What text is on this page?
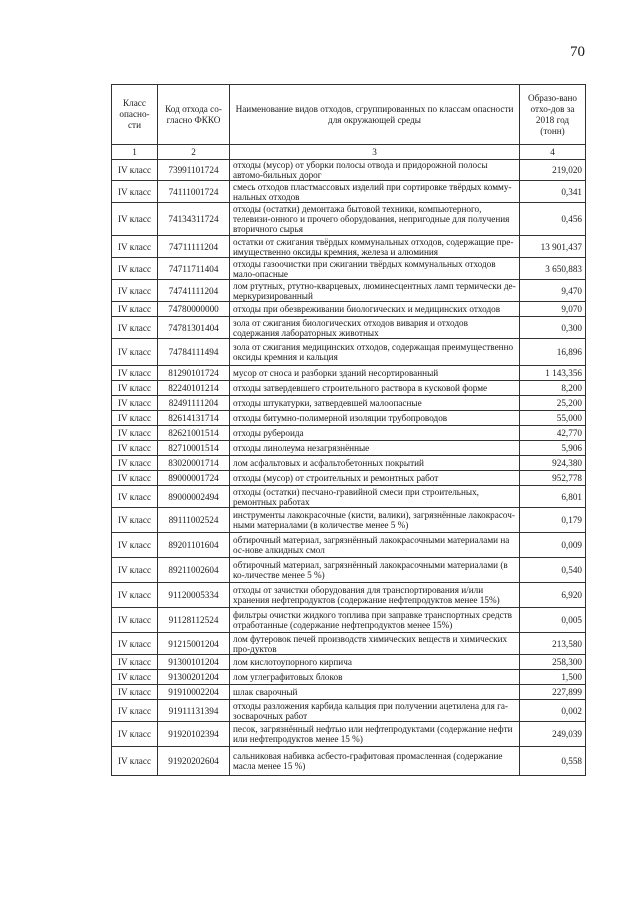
70
Класс опасно-сти	Код отхода со-гласно ФККО	Наименование видов отходов, сгруппированных по классам опасности для окружающей среды	Образо-вано отхо-дов за 2018 год (тонн)
1	2	3	4
IV класс	73991101724	отходы (мусор) от уборки полосы отвода и придорожной полосы автомо-бильных дорог	219,020
IV класс	74111001724	смесь отходов пластмассовых изделий при сортировке твёрдых комму-нальных отходов	0,341
IV класс	74134311724	отходы (остатки) демонтажа бытовой техники, компьютерного, телевизи-онного и прочего оборудования, непригодные для получения вторичного сырья	0,456
IV класс	74711111204	остатки от сжигания твёрдых коммунальных отходов, содержащие пре-имущественно оксиды кремния, железа и алюминия	13 901,437
IV класс	74711711404	отходы газоочистки при сжигании твёрдых коммунальных отходов мало-опасные	3 650,883
IV класс	74741111204	лом ртутных, ртутно-кварцевых, люминесцентных ламп термически де-меркуризированный	9,470
IV класс	74780000000	отходы при обезвреживании биологических и медицинских отходов	9,070
IV класс	74781301404	зола от сжигания биологических отходов вивария и отходов содержания лабораторных животных	0,300
IV класс	74784111494	зола от сжигания медицинских отходов, содержащая преимущественно оксиды кремния и кальция	16,896
IV класс	81290101724	мусор от сноса и разборки зданий несортированный	1 143,356
IV класс	82240101214	отходы затвердевшего строительного раствора в кусковой форме	8,200
IV класс	82491111204	отходы штукатурки, затвердевшей малоопасные	25,200
IV класс	82614131714	отходы битумно-полимерной изоляции трубопроводов	55,000
IV класс	82621001514	отходы рубероида	42,770
IV класс	82710001514	отходы линолеума незагрязнённые	5,906
IV класс	83020001714	лом асфальтовых и асфальтобетонных покрытий	924,380
IV класс	89000001724	отходы (мусор) от строительных и ремонтных работ	952,778
IV класс	89000002494	отходы (остатки) песчано-гравийной смеси при строительных, ремонтных работах	6,801
IV класс	89111002524	инструменты лакокрасочные (кисти, валики), загрязнённые лакокрасоч-ными материалами (в количестве менее 5 %)	0,179
IV класс	89201101604	обтирочный материал, загрязнённый лакокрасочными материалами на ос-нове алкидных смол	0,009
IV класс	89211002604	обтирочный материал, загрязнённый лакокрасочными материалами (в ко-личестве менее 5 %)	0,540
IV класс	91120005334	отходы от зачистки оборудования для транспортирования и/или хранения нефтепродуктов (содержание нефтепродуктов менее 15%)	6,920
IV класс	91128112524	фильтры очистки жидкого топлива при заправке транспортных средств отработанные (содержание нефтепродуктов менее 15%)	0,005
IV класс	91215001204	лом футеровок печей производств химических веществ и химических про-дуктов	213,580
IV класс	91300101204	лом кислотоупорного кирпича	258,300
IV класс	91300201204	лом углеграфитовых блоков	1,500
IV класс	91910002204	шлак сварочный	227,899
IV класс	91911131394	отходы разложения карбида кальция при получении ацетилена для га-зосварочных работ	0,002
IV класс	91920102394	песок, загрязнённый нефтью или нефтепродуктами (содержание нефти или нефтепродуктов менее 15 %)	249,039
IV класс	91920202604	сальниковая набивка асбесто-графитовая промасленная (содержание масла менее 15 %)	0,558
